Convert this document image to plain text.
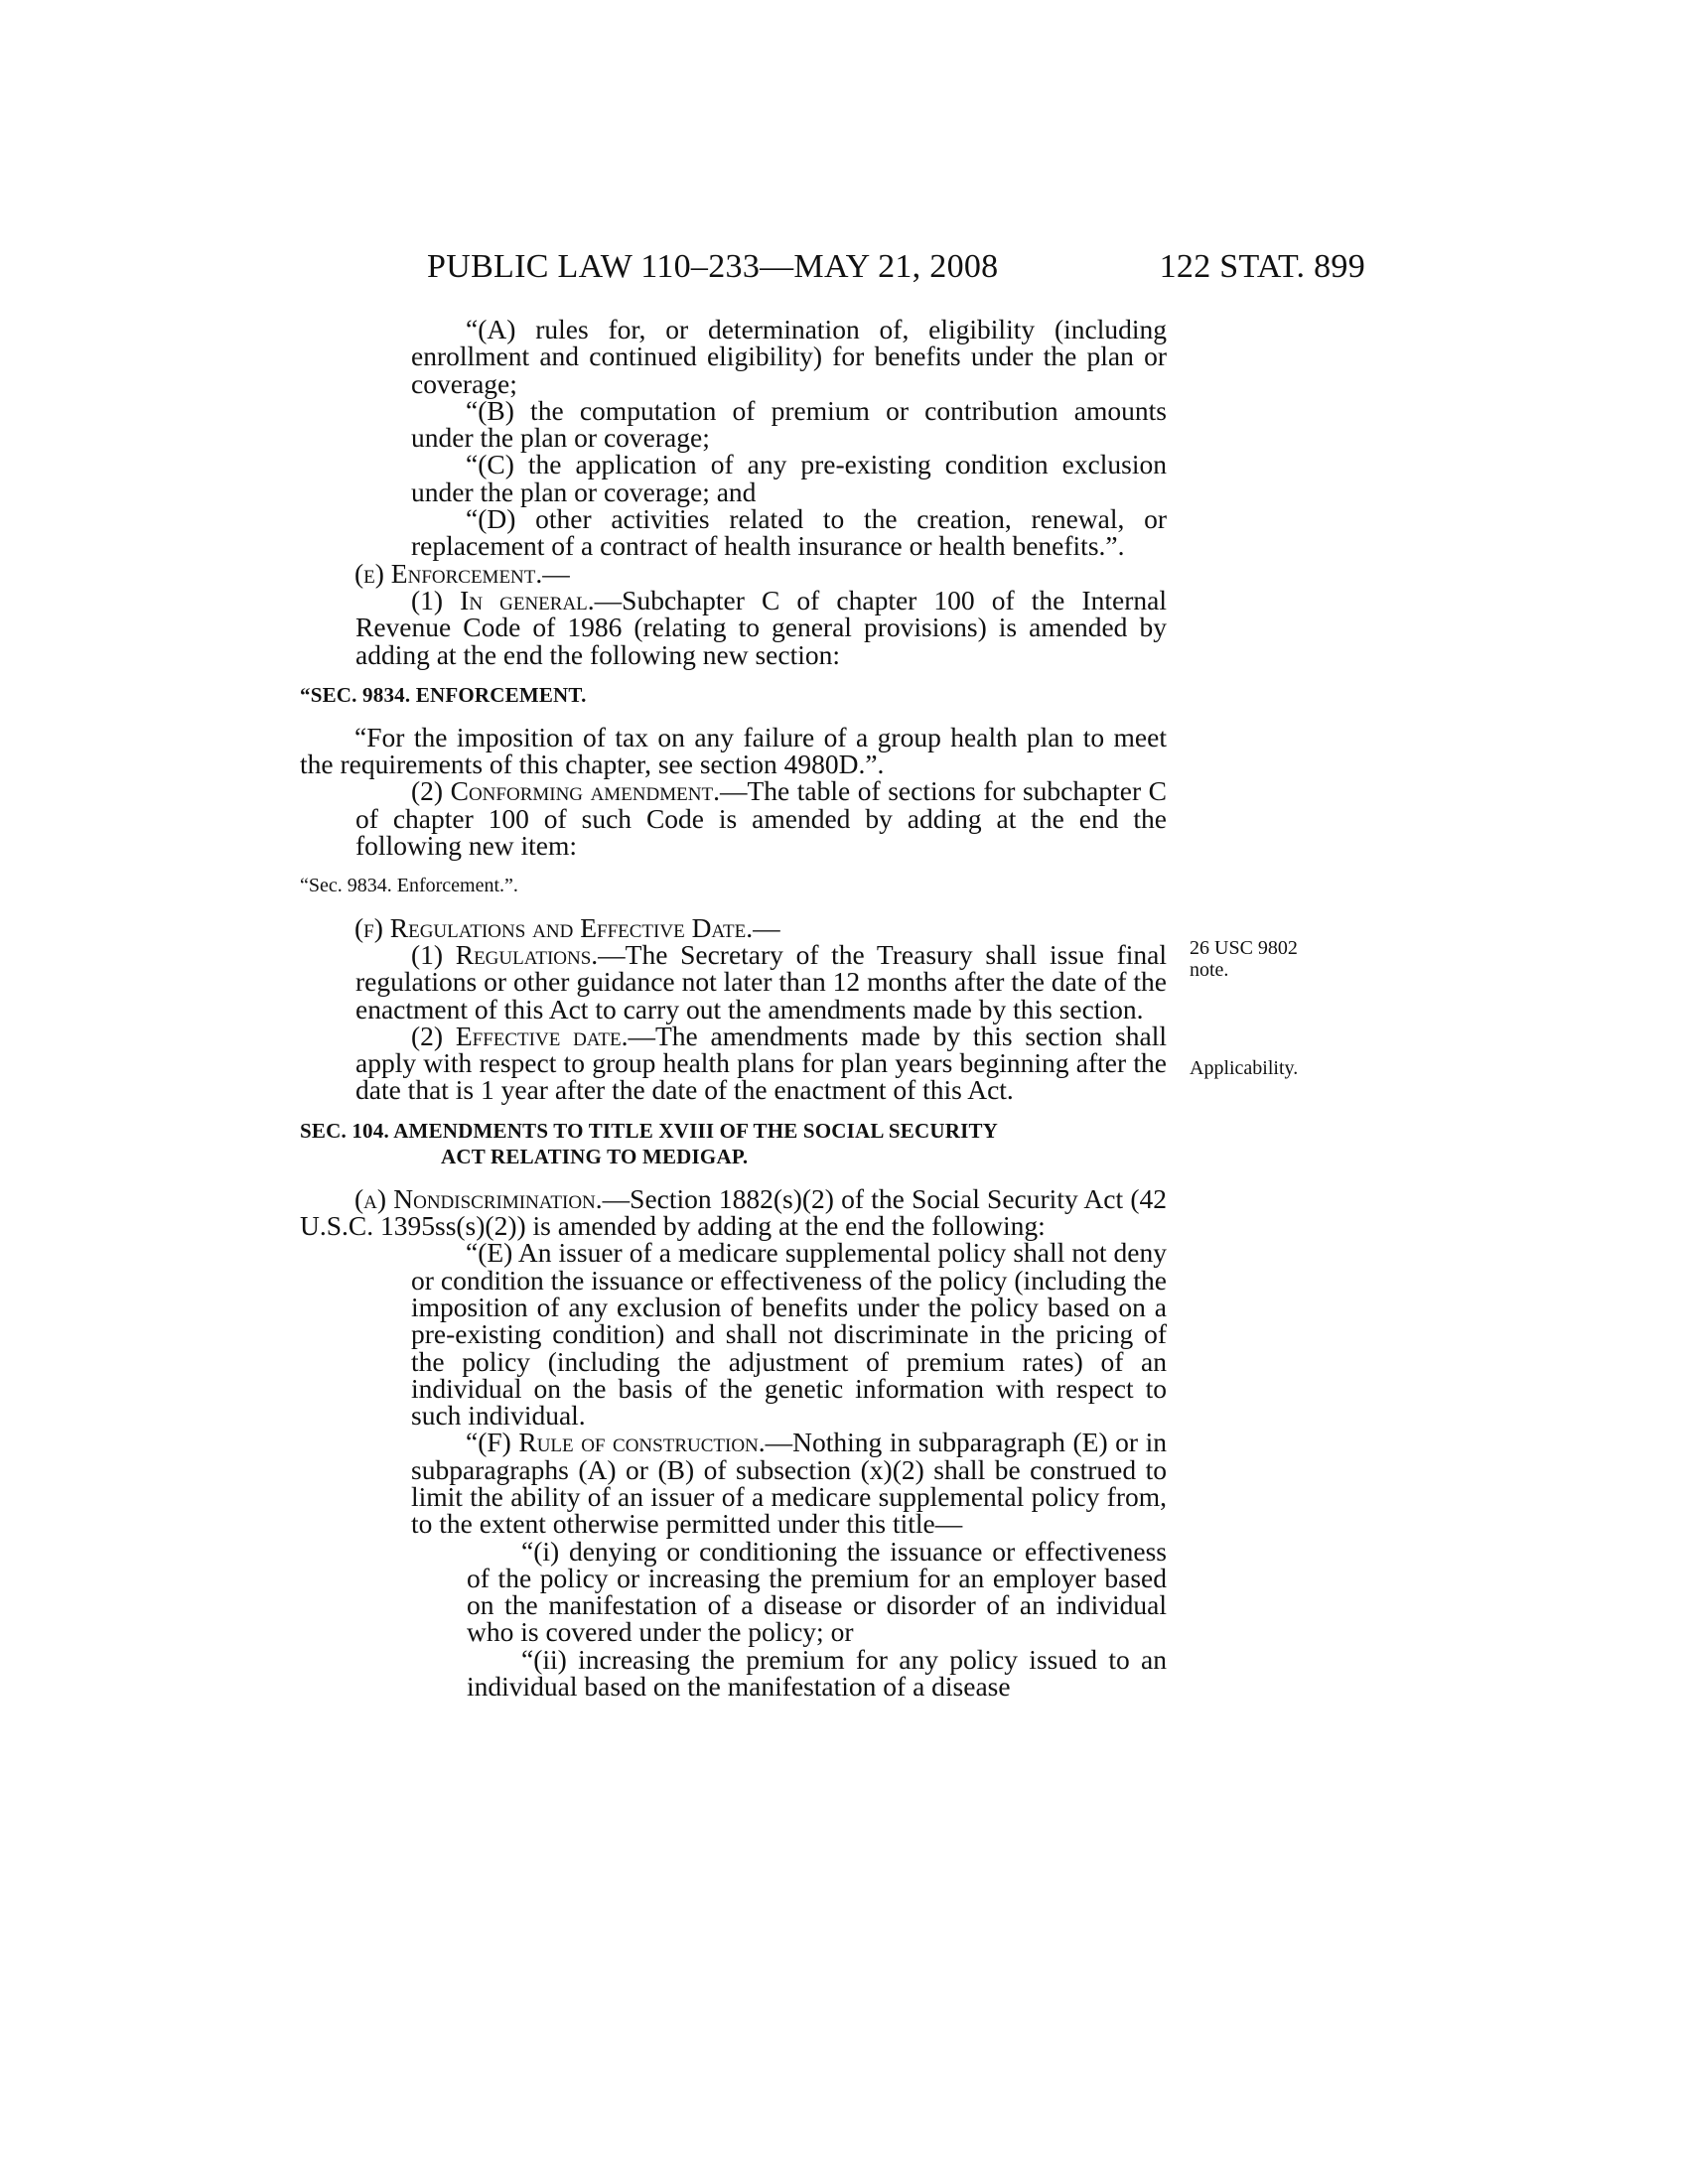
PUBLIC LAW 110–233—MAY 21, 2008	122 STAT. 899
26 USC 9802
note.
Applicability.

“(A) rules for, or determination of, eligibility (including enrollment and continued eligibility) for benefits under the plan or coverage;

“(B) the computation of premium or contribution amounts under the plan or coverage;

“(C) the application of any pre-existing condition exclusion under the plan or coverage; and

“(D) other activities related to the creation, renewal, or replacement of a contract of health insurance or health benefits.”.

(e) Enforcement.—

(1) In general.—Subchapter C of chapter 100 of the Internal Revenue Code of 1986 (relating to general provisions) is amended by adding at the end the following new section:

“SEC. 9834. ENFORCEMENT.

“For the imposition of tax on any failure of a group health plan to meet the requirements of this chapter, see section 4980D.”.

(2) Conforming amendment.—The table of sections for subchapter C of chapter 100 of such Code is amended by adding at the end the following new item:

“Sec. 9834. Enforcement.”.

(f) Regulations and Effective Date.—

(1) Regulations.—The Secretary of the Treasury shall issue final regulations or other guidance not later than 12 months after the date of the enactment of this Act to carry out the amendments made by this section.

(2) Effective date.—The amendments made by this section shall apply with respect to group health plans for plan years beginning after the date that is 1 year after the date of the enactment of this Act.

SEC. 104. AMENDMENTS TO TITLE XVIII OF THE SOCIAL SECURITY
ACT RELATING TO MEDIGAP.

(a) Nondiscrimination.—Section 1882(s)(2) of the Social Security Act (42 U.S.C. 1395ss(s)(2)) is amended by adding at the end the following:

“(E) An issuer of a medicare supplemental policy shall not deny or condition the issuance or effectiveness of the policy (including the imposition of any exclusion of benefits under the policy based on a pre-existing condition) and shall not discriminate in the pricing of the policy (including the adjustment of premium rates) of an individual on the basis of the genetic information with respect to such individual.

“(F) Rule of construction.—Nothing in subparagraph (E) or in subparagraphs (A) or (B) of subsection (x)(2) shall be construed to limit the ability of an issuer of a medicare supplemental policy from, to the extent otherwise permitted under this title—

“(i) denying or conditioning the issuance or effectiveness of the policy or increasing the premium for an employer based on the manifestation of a disease or disorder of an individual who is covered under the policy; or

“(ii) increasing the premium for any policy issued to an individual based on the manifestation of a disease
